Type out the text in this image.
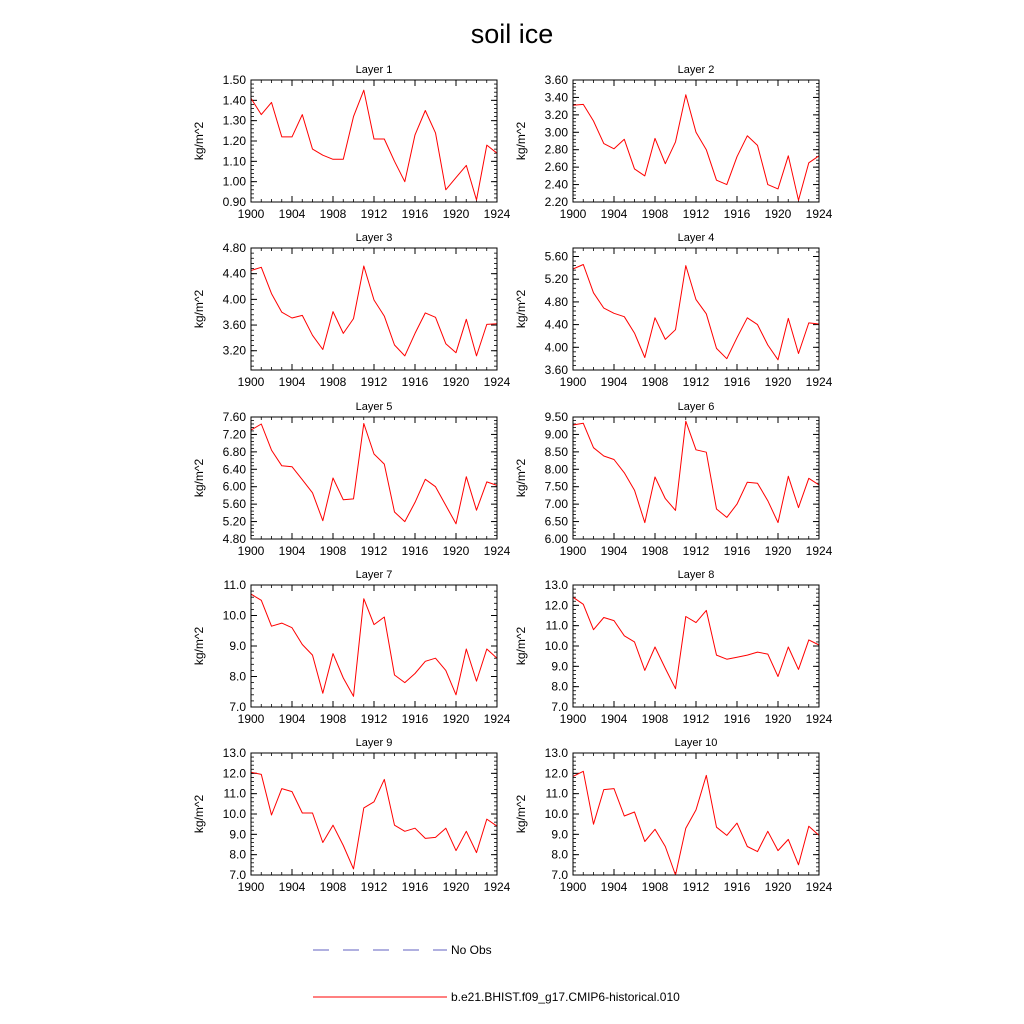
soil ice
Layer 1
kg/m^2
1900 1904 1908 1912 1916 1920 1924
0.90
1.00
1.10
1.20
1.30
1.40
1.50
Layer 2
kg/m^2
1900 1904 1908 1912 1916 1920 1924
2.20
2.40
2.60
2.80
3.00
3.20
3.40
3.60
Layer 3
kg/m^2
1900 1904 1908 1912 1916 1920 1924
3.20
3.60
4.00
4.40
4.80
Layer 4
kg/m^2
1900 1904 1908 1912 1916 1920 1924
3.60
4.00
4.40
4.80
5.20
5.60
Layer 5
kg/m^2
1900 1904 1908 1912 1916 1920 1924
4.80
5.20
5.60
6.00
6.40
6.80
7.20
7.60
Layer 6
kg/m^2
1900 1904 1908 1912 1916 1920 1924
6.00
6.50
7.00
7.50
8.00
8.50
9.00
9.50
Layer 7
kg/m^2
1900 1904 1908 1912 1916 1920 1924
7.0
8.0
9.0
10.0
11.0
Layer 8
kg/m^2
1900 1904 1908 1912 1916 1920 1924
7.0
8.0
9.0
10.0
11.0
12.0
13.0
Layer 9
kg/m^2
1900 1904 1908 1912 1916 1920 1924
7.0
8.0
9.0
10.0
11.0
12.0
13.0
Layer 10
kg/m^2
1900 1904 1908 1912 1916 1920 1924
7.0
8.0
9.0
10.0
11.0
12.0
13.0
No Obs
b.e21.BHIST.f09_g17.CMIP6-historical.010
